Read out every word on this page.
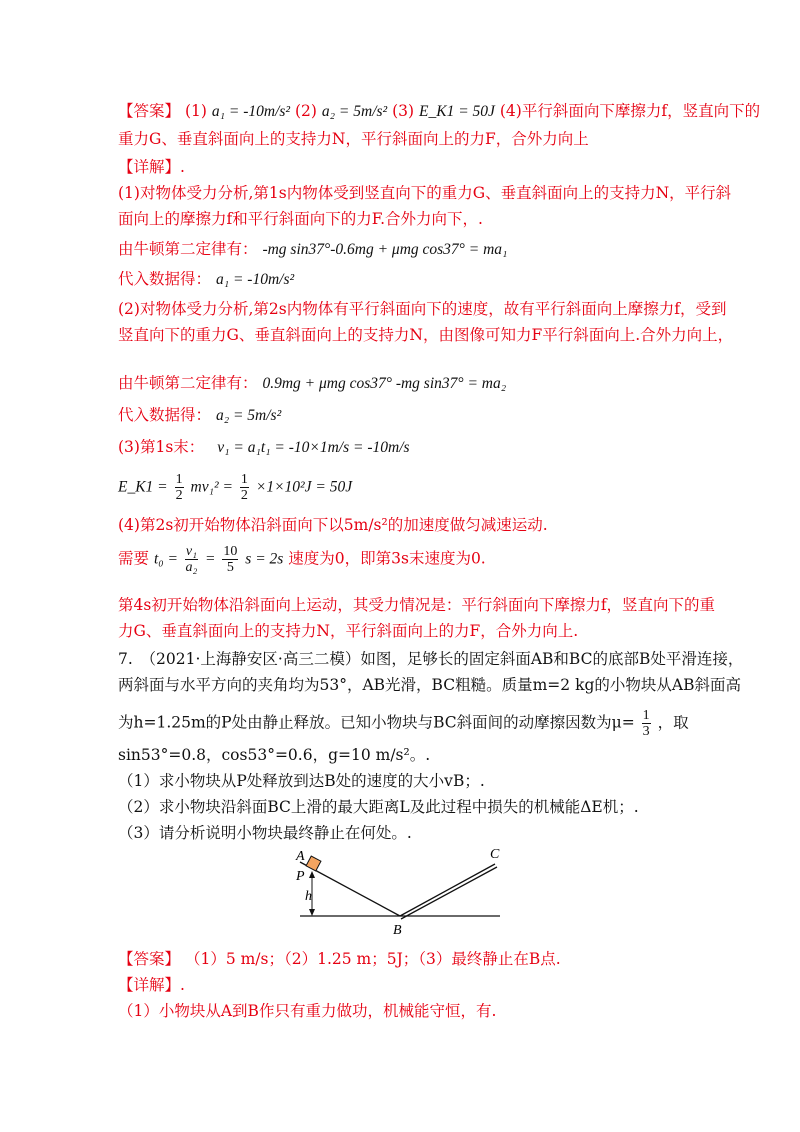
【答案】 (1) a₁ = -10m/s² (2) a₂ = 5m/s² (3) E_K1 = 50J (4)平行斜面向下摩擦力f，竖直向下的
重力G、垂直斜面向上的支持力N，平行斜面向上的力F，合外力向上
【详解】.
(1)对物体受力分析,第1s内物体受到竖直向下的重力G、垂直斜面向上的支持力N，平行斜
面向上的摩擦力f和平行斜面向下的力F.合外力向下，.
由牛顿第二定律有： -mg sin37°-0.6mg + μmg cos37° = ma₁
代入数据得： a₁ = -10m/s²
(2)对物体受力分析,第2s内物体有平行斜面向下的速度，故有平行斜面向上摩擦力f，受到
竖直向下的重力G、垂直斜面向上的支持力N，由图像可知力F平行斜面向上.合外力向上，
由牛顿第二定律有： 0.9mg + μmg cos37° -mg sin37° = ma₂
代入数据得： a₂ = 5m/s²
(3)第1s末： v₁ = a₁t₁ = -10×1m/s = -10m/s
E_K1 = $\frac{1}{2} mv_1^2 = \frac{1}{2} \times 1\times 10^2J = 50J$
(4)第2s初开始物体沿斜面向下以5m/s²的加速度做匀减速运动.
需要 $t_0 = \frac{\text{v₁}}{\text{a₂}} = \frac{10}{5}$ s = 2s 速度为0，即第3s末速度为0.
第4s初开始物体沿斜面向上运动，其受力情况是：平行斜面向下摩擦力f，竖直向下的重
力G、垂直斜面向上的支持力N，平行斜面向上的力F，合外力向上.
7.　（2021·上海静安区·高三二模）如图，足够长的固定斜面AB和BC的底部B处平滑连接，
两斜面与水平方向的夹角均为53°，AB光滑，BC粗糙。质量m=2 kg的小物块从AB斜面高
为h=1.25m的P处由静止释放。已知小物块与BC斜面间的动摩擦因数为$\mu= \frac{1}{3}$ ，取
sin53°=0.8，cos53°=0.6，g=10 m/s²。.
（1）求小物块从P处释放到达B处的速度的大小vB；.
（2）求小物块沿斜面BC上滑的最大距离L及此过程中损失的机械能ΔE机；.
（3）请分析说明小物块最终静止在何处。.
A
P
h
B
C
【答案】 （1）5 m/s；（2）1.25 m；5J；（3）最终静止在B点.
【详解】.
（1）小物块从A到B作只有重力做功，机械能守恒，有.
